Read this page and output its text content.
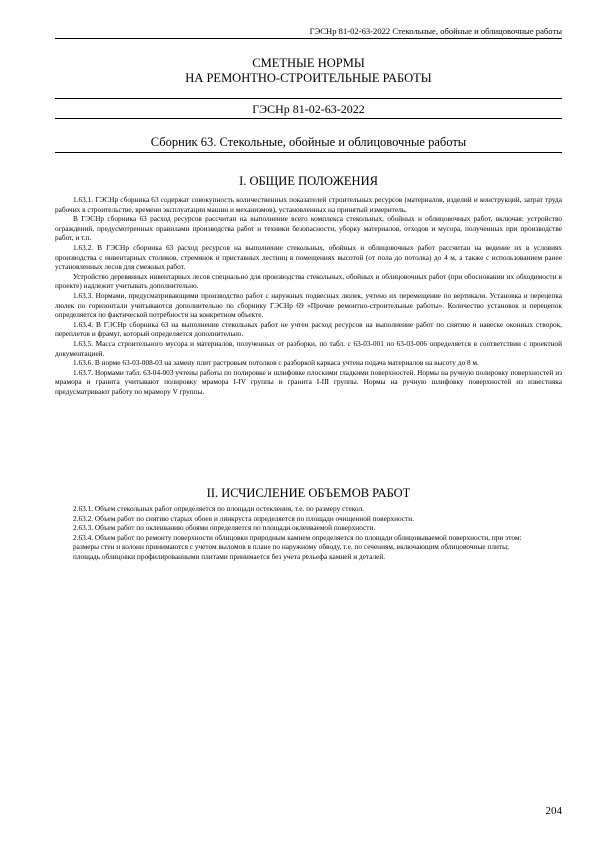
ГЭСНр 81-02-63-2022 Стекольные, обойные и облицовочные работы
СМЕТНЫЕ НОРМЫ
НА РЕМОНТНО-СТРОИТЕЛЬНЫЕ РАБОТЫ
ГЭСНр 81-02-63-2022
Сборник 63. Стекольные, обойные и облицовочные работы
I. ОБЩИЕ ПОЛОЖЕНИЯ

1.63.1. ГЭСНр сборника 63 содержат совокупность количественных показателей строительных ресурсов (материалов, изделий и конструкций, затрат труда рабочих в строительстве, времени эксплуатации машин и механизмов), установленных на принятый измеритель.

В ГЭСНр сборника 63 расход ресурсов рассчитан на выполнение всего комплекса стекольных, обойных и облицовочных работ, включая: устройство ограждений, предусмотренных правилами производства работ и техники безопасности, уборку материалов, отходов и мусора, полученных при производстве работ, и т.п.

1.63.2. В ГЭСНр сборника 63 расход ресурсов на выполнение стекольных, обойных и облицовочных работ рассчитан на ведение их в условиях производства с инвентарных столиков, стремянок и приставных лестниц в помещениях высотой (от пола до потолка) до 4 м, а также с использованием ранее установленных лесов для смежных работ.

Устройство деревянных инвентарных лесов специально для производства стекольных, обойных и облицовочных работ (при обосновании их обходимости в проекте) надлежит учитывать дополнительно.

1.63.3. Нормами, предусматривающими производство работ с наружных подвесных люлек, учтено их перемещение по вертикали. Установка и перецепка люлек по горизонтали учитываются дополнительно по сборнику ГЭСНр 69 «Прочие ремонтно-строительные работы». Количество установок и перецепок определяется по фактической потребности на конкретном объекте.

1.63.4. В ГЭСНр сборника 63 на выполнение стекольных работ не учтен расход ресурсов на выполнение работ по снятию и навеске оконных створок, переплетов и фрамуг, который определяется дополнительно.

1.63.5. Масса строительного мусора и материалов, полученных от разборки, по табл. с 63-03-001 по 63-03-006 определяется в соответствии с проектной документацией.

1.63.6. В норме 63-03-008-03 на замену плит растровым потолков с разборкой каркаса учтена подача материалов на высоту до 8 м.

1.63.7. Нормами табл. 63-04-003 учтены работы по полировке и шлифовке плоскими гладкими поверхностей. Нормы на ручную полировку поверхностей из мрамора и гранита учитывают полировку мрамора I-IV группы и гранита I-III группы. Нормы на ручную шлифовку поверхностей из известняка предусматривают работу по мрамору V группы.

II. ИСЧИСЛЕНИЕ ОБЪЕМОВ РАБОТ

2.63.1. Объем стекольных работ определяется по площади остекления, т.е. по размеру стекол.

2.63.2. Объем работ по снятию старых обоев и линкруста определяется по площади очищенной поверхности.

2.63.3. Объем работ по оклеиванию обоями определяется по площади оклеиваемой поверхности.

2.63.4. Объем работ по ремонту поверхности облицовки природным камнем определяется по площади облицовываемой поверхности, при этом:

размеры стен и колонн принимаются с учетом выломов в плане по наружному обводу, т.е. по сечениям, включающим облицовочные плиты;

площадь облицовки профилированными плитами принимается без учета рельефа камней и деталей.

204
